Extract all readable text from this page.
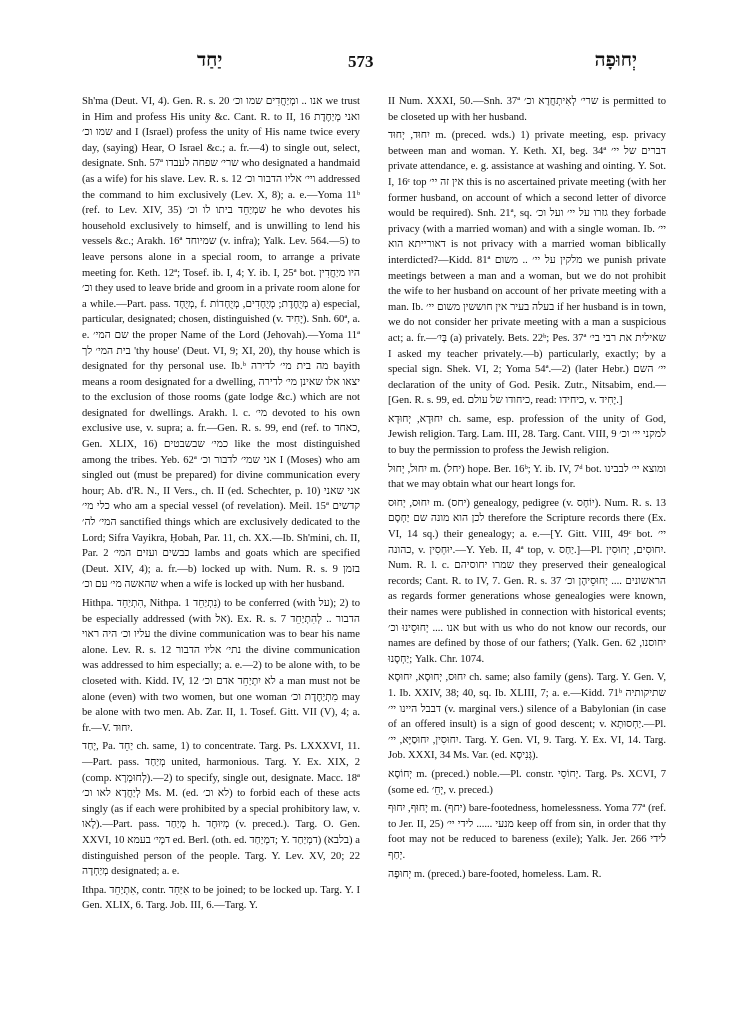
יַחַד	573	יְחוּפָה

Sh'ma (Deut. VI, 4). Gen. R. s. 20 אנו .. ומְיַחֲדִים שמו וכ׳ we trust in Him and profess His unity &c. Cant. R. to II, 16 ואני מְיַחֶדֶת שמו וכ׳ and I (Israel) profess the unity of His name twice every day, (saying) Hear, O Israel &c.; a. fr.—4) to single out, select, designate. Snh. 57ª שרי׳ שפחה לעבדו who designated a handmaid (as a wife) for his slave. Lev. R. s. 12 ויי׳ אליו הדבור וכ׳ addressed the command to him exclusively (Lev. X, 8); a. e.—Yoma 11ᵇ (ref. to Lev. XIV, 35) שמְיַחֵד ביתו לו וכ׳ he who devotes his household exclusively to himself, and is unwilling to lend his vessels &c.; Arakh. 16ª שמיוחד (v. infra); Yalk. Lev. 564.—5) to leave persons alone in a special room, to arrange a private meeting for. Keth. 12ª; Tosef. ib. I, 4; Y. ib. I, 25ª bot. היו מיַחֲדִין וכ׳ they used to leave bride and groom in a private room alone for a while.—Part. pass. מְיֻחָד, f. מְיֻחֶדֶת; מְיֻחָדִים, מְיֻחָדוֹת a) especial, particular, designated; chosen, distinguished (v. יָחִיד). Snh. 60ª, a. e. שם המי׳ the proper Name of the Lord (Jehovah).—Yoma 11ª בית המי׳ לך 'thy house' (Deut. VI, 9; XI, 20), thy house which is designated for thy personal use. Ib.ᵇ מה בית מי׳ לדירה bayith means a room designated for a dwelling, יצאו אלו שאינן מי׳ לדירה to the exclusion of those rooms (gate lodge &c.) which are not designated for dwellings. Arakh. l. c. מי׳ devoted to his own exclusive use, v. supra; a. fr.—Gen. R. s. 99, end (ref. to כאחד, Gen. XLIX, 16) כמי׳ שבשבטים like the most distinguished among the tribes. Yeb. 62ª אני שמי׳ לדבור וכ׳ I (Moses) who am singled out (must be prepared) for divine communication every hour; Ab. d'R. N., II Vers., ch. II (ed. Schechter, p. 10) אני שאני כלי מי׳ who am a special vessel (of revelation). Meil. 15ª קדשים המי׳ לה׳ sanctified things which are exclusively dedicated to the Lord; Sifra Vayikra, Ḥobah, Par. 11, ch. XX.—Ib. Sh'mini, ch. II, Par. 2 כבשים ועזים המי׳ lambs and goats which are specified (Deut. XIV, 4); a. fr.—b) locked up with. Num. R. s. 9 בזמן שהאשה מי׳ עם וכ׳ when a wife is locked up with her husband.

Hithpa. הִתְיַחֵד, Nithpa. נִתְיַחֵד 1) to be conferred (with על); 2) to be especially addressed (with אל). Ex. R. s. 7 הדבור .. לְהִתְיַחֵד עליו וכ׳ היה ראוי the divine communication was to bear his name alone. Lev. R. s. 12 נתי׳ אליו הדבור the divine communication was addressed to him especially; a. e.—2) to be alone with, to be closeted with. Kidd. IV, 12 לא יִתְיַחֵד אדם וכ׳ a man must not be alone (even) with two women, but one woman מִתְיַחֶדֶת וכ׳ may be alone with two men. Ab. Zar. II, 1. Tosef. Gitt. VII (V), 4; a. fr.—V. יִחוּד.

יָחַד, Pa. יַחֵד ch. same, 1) to concentrate. Targ. Ps. LXXXVI, 11.—Part. pass. מְיַחַד united, harmonious. Targ. Y. Ex. XIX, 2 (comp. לְחוּמְרָא).—2) to specify, single out, designate. Macc. 18ª לְיַחֲדָא לאו וכ׳ Ms. M. (ed. לא וכ׳) to forbid each of these acts singly (as if each were prohibited by a special prohibitory law, v. לָאו).—Part. pass. מְיַחַד h. מְיוּחָד (v. preced.). Targ. O. Gen. XXVI, 10 דמְי׳ בעמא ed. Berl. (oth. ed. דמְיַחַד; Y. דמְיַחַד) (בלבא) a distinguished person of the people. Targ. Y. Lev. XV, 20; 22 מְיַחְדָה designated; a. e.

Ithpa. אִתְיַחֵד, contr. אִיַּחֵד to be joined; to be locked up. Targ. Y. I Gen. XLIX, 6. Targ. Job. III, 6.—Targ. Y.

II Num. XXXI, 50.—Snh. 37ª שרי׳ לְאִיתְחֲדָא וכ׳ is permitted to be closeted up with her husband.

יִחוּד, יְחוּד m. (preced. wds.) 1) private meeting, esp. privacy between man and woman. Y. Keth. XI, beg. 34ª דברים של יי׳ private attendance, e. g. assistance at washing and ointing. Y. Sot. I, 16ᶜ top אין זה יי׳ this is no ascertained private meeting (with her former husband, on account of which a second letter of divorce would be required). Snh. 21ª, sq. גזרו על יי׳ ועל וכ׳ they forbade privacy (with a married woman) and with a single woman. Ib. יי׳ דאורייתא הוא is not privacy with a married woman biblically interdicted?—Kidd. 81ª מלקין על יי׳ .. משום we punish private meetings between a man and a woman, but we do not prohibit the wife to her husband on account of her private meeting with a man. Ib. בעלה בעיר אין חוששין משום יי׳ if her husband is in town, we do not consider her private meeting with a man a suspicious act; a. fr.—בְּיִ׳ (a) privately. Bets. 22ᵇ; Pes. 37ª שאילית את רבי בי׳ I asked my teacher privately.—b) particularly, exactly; by a special sign. Shek. VI, 2; Yoma 54ª.—2) (later Hebr.) יי׳ השם declaration of the unity of God. Pesik. Zutr., Nitsabim, end.—[Gen. R. s. 99, ed. כיחודו של עולם, read: כיחידו, v. יָחִיד.]

יִחוּדָא, יְחוּדָא ch. same, esp. profession of the unity of God, Jewish religion. Targ. Lam. III, 28. Targ. Cant. VIII, 9 למקני יי׳ וכ׳ to buy the permission to profess the Jewish religion.

יִחוּל, יְחוּל m. (יחל) hope. Ber. 16ᵇ; Y. ib. IV, 7ᵈ bot. ומוצא יי׳ לבבינו that we may obtain what our heart longs for.

יִחוּס, יְחוּס m. (יחס) genealogy, pedigree (v. יוֹחָס). Num. R. s. 13 לכן הוא מונה שם יַחְסָם therefore the Scripture records there (Ex. VI, 14 sq.) their genealogy; a. e.—[Y. Gitt. VIII, 49ᶜ bot. יי׳ כהונה, v. יוּחְסִין.—Y. Yeb. II, 4ª top, v. יַחַס.]—Pl. יִחוּסִים, יְחוּסִין. Num. R. l. c. שמרו יחוסיהם they preserved their genealogical records; Cant. R. to IV, 7. Gen. R. s. 37 הראשונים .... יְחוּסֵיהֶן וכ׳ as regards former generations whose genealogies were known, their names were published in connection with historical events; אנו .... יְחוּסֵינוּ וכ׳ but with us who do not know our records, our names are defined by those of our fathers; (Yalk. Gen. 62 יחוסנו, יַחְסָנוּ; Yalk. Chr. 1074.

יִחוּס, יְחוּסָא, יִחוּסָא ch. same; also family (gens). Targ. Y. Gen. V, 1. Ib. XXIV, 38; 40, sq. Ib. XLIII, 7; a. e.—Kidd. 71ᵇ שתיקותיה דבבל היינו יי׳ (v. marginal vers.) silence of a Babylonian (in case of an offered insult) is a sign of good descent; v. יַחְסוּתָא.—Pl. יִחוּסִין, יִחוּסַיָּא, יי׳. Targ. Y. Gen. VI, 9. Targ. Y. Ex. VI, 14. Targ. Job. XXXI, 34 Ms. Var. (ed. גְּנִיסָא).

יְחוֹסָא m. (preced.) noble.—Pl. constr. יְחוֹסֵי. Targ. Ps. XCVI, 7 (some ed. יְחֵ׳, v. preced.)

יְחוּף, יִחוּף m. (יחף) bare-footedness, homelessness. Yoma 77ª (ref. to Jer. II, 25) מנעי ...... לידי יי׳ keep off from sin, in order that thy foot may not be reduced to bareness (exile); Yalk. Jer. 266 לידי יְחַף.

יְחוּפָה m. (preced.) bare-footed, homeless. Lam. R.
